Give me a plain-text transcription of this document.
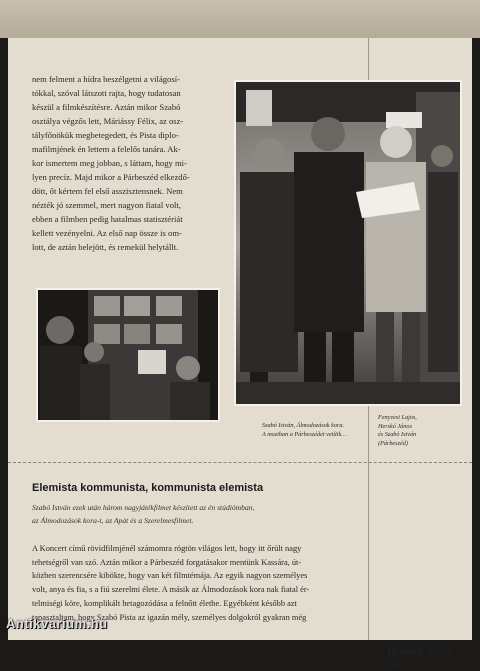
nem felment a hídra beszélgetni a világosí-
tókkal, szóval látszott rajta, hogy tudatosan
készül a filmkészítésre. Aztán mikor Szabó
osztálya végzős lett, Máriássy Félix, az osz-
tályfőnökük megbetegedett, és Pista diplo-
mafilmjének én lettem a felelős tanára. Ak-
kor ismertem meg jobban, s láttam, hogy mi-
lyen precíz. Majd mikor a Párbeszéd elkezdő-
dött, őt kértem fel első asszisztensnek. Nem
nézték jó szemmel, mert nagyon fiatal volt,
ebben a filmben pedig hatalmas statisztériát
kellett vezényelni. Az első nap össze is om-
lott, de aztán belejött, és remekül helytállt.

Szabó István, Álmodozások kora.
A moziban a Párbeszédet vetítik…

Fenyvesi Lajos,
Herskó János
és Szabó István
(Párbeszéd)

Elemista kommunista, kommunista elemista

Szabó István ezek után három nagyjátékfilmet készített az én stúdiómban,
az Álmodozások kora-t, az Apát és a Szerelmesfilmet.

A Koncert című rövidfilmjénél számomra rögtön világos lett, hogy itt őrült nagy
tehetségről van szó. Aztán mikor a Párbeszéd forgatásakor mentünk Kassára, út-
közben szerencsére kibökte, hogy van két filmtémája. Az egyik nagyon személyes
volt, anya és fia, s a fiú szerelmi élete. A másik az Álmodozások kora nak fiatal ér-
telmiségi köre, komplikált hetagozódása a felnőtt életbe. Egyébként később azt
tapasztaltam, hogy Szabó Pista az igazán mély, személyes dolgokról gyakran még

HERSKÓ JÁNOS
47
Antikvarium.hu
